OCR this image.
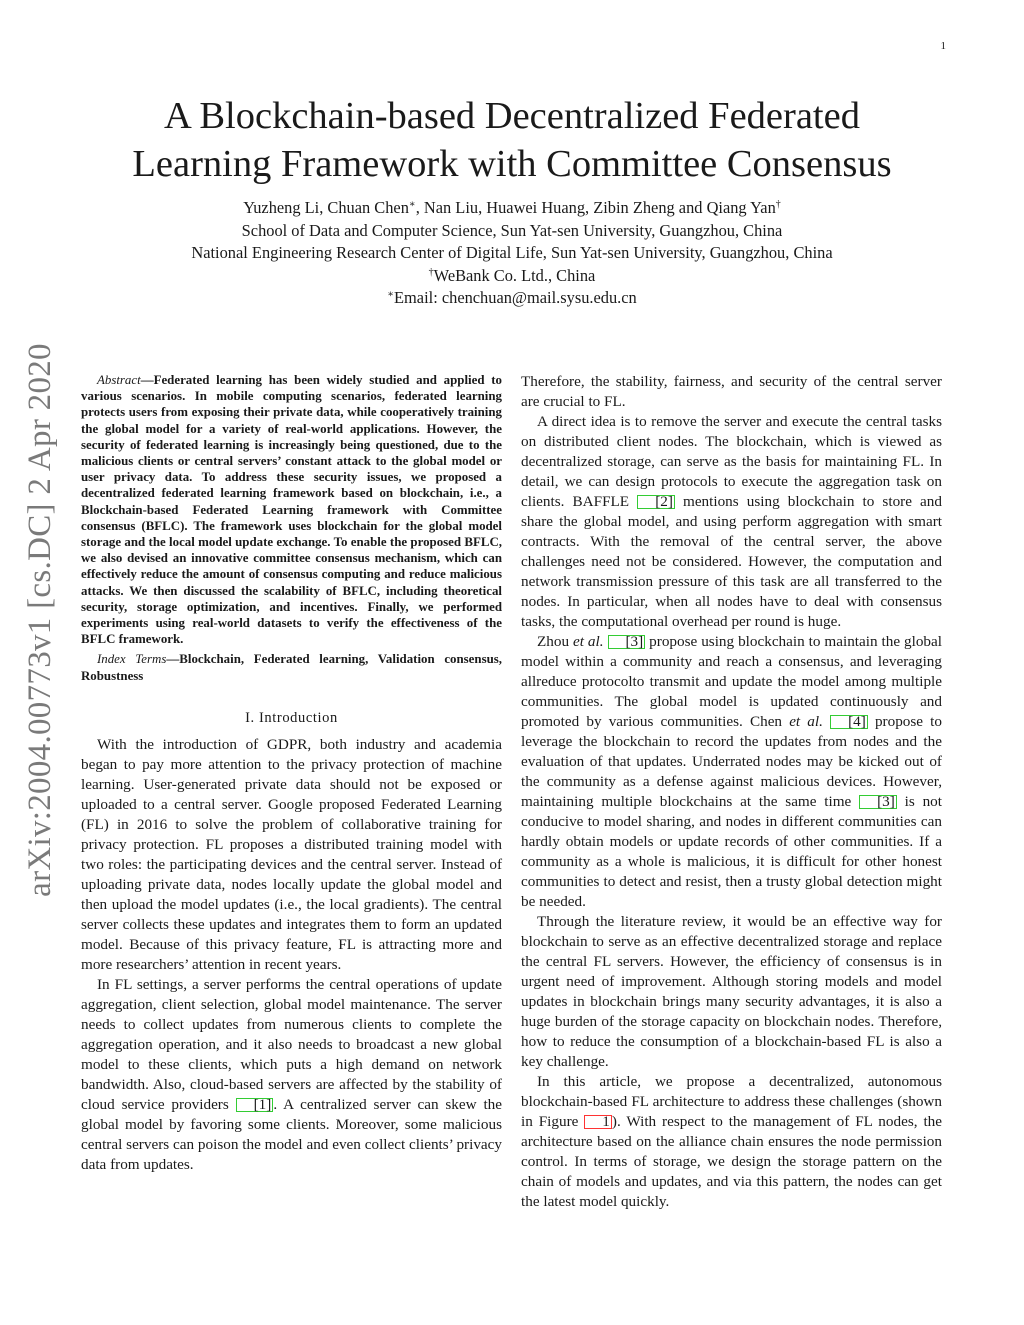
1
arXiv:2004.00773v1 [cs.DC] 2 Apr 2020
A Blockchain-based Decentralized Federated
Learning Framework with Committee Consensus
Yuzheng Li, Chuan Chen∗, Nan Liu, Huawei Huang, Zibin Zheng and Qiang Yan†
School of Data and Computer Science, Sun Yat-sen University, Guangzhou, China
National Engineering Research Center of Digital Life, Sun Yat-sen University, Guangzhou, China
†WeBank Co. Ltd., China
∗Email: chenchuan@mail.sysu.edu.cn

Abstract—Federated learning has been widely studied and applied to various scenarios. In mobile computing scenarios, federated learning protects users from exposing their private data, while cooperatively training the global model for a variety of real-world applications. However, the security of federated learning is increasingly being questioned, due to the malicious clients or central servers’ constant attack to the global model or user privacy data. To address these security issues, we proposed a decentralized federated learning framework based on blockchain, i.e., a Blockchain-based Federated Learning framework with Committee consensus (BFLC). The framework uses blockchain for the global model storage and the local model update exchange. To enable the proposed BFLC, we also devised an innovative committee consensus mechanism, which can effectively reduce the amount of consensus computing and reduce malicious attacks. We then discussed the scalability of BFLC, including theoretical security, storage optimization, and incentives. Finally, we performed experiments using real-world datasets to verify the effectiveness of the BFLC framework.

Index Terms—Blockchain, Federated learning, Validation consensus, Robustness

I. Introduction

With the introduction of GDPR, both industry and academia began to pay more attention to the privacy protection of machine learning. User-generated private data should not be exposed or uploaded to a central server. Google proposed Federated Learning (FL) in 2016 to solve the problem of collaborative training for privacy protection. FL proposes a distributed training model with two roles: the participating devices and the central server. Instead of uploading private data, nodes locally update the global model and then upload the model updates (i.e., the local gradients). The central server collects these updates and integrates them to form an updated model. Because of this privacy feature, FL is attracting more and more researchers’ attention in recent years.

In FL settings, a server performs the central operations of update aggregation, client selection, global model maintenance. The server needs to collect updates from numerous clients to complete the aggregation operation, and it also needs to broadcast a new global model to these clients, which puts a high demand on network bandwidth. Also, cloud-based servers are affected by the stability of cloud service providers [1] . A centralized server can skew the global model by favoring some clients. Moreover, some malicious central servers can poison the model and even collect clients’ privacy data from updates.

Therefore, the stability, fairness, and security of the central server are crucial to FL.

A direct idea is to remove the server and execute the central tasks on distributed client nodes. The blockchain, which is viewed as decentralized storage, can serve as the basis for maintaining FL. In detail, we can design protocols to execute the aggregation task on clients. BAFFLE [2] mentions using blockchain to store and share the global model, and using perform aggregation with smart contracts. With the removal of the central server, the above challenges need not be considered. However, the computation and network transmission pressure of this task are all transferred to the nodes. In particular, when all nodes have to deal with consensus tasks, the computational overhead per round is huge.

Zhou et al. [3] propose using blockchain to maintain the global model within a community and reach a consensus, and leveraging allreduce protocolto transmit and update the model among multiple communities. The global model is updated continuously and promoted by various communities. Chen et al. [4] propose to leverage the blockchain to record the updates from nodes and the evaluation of that updates. Underrated nodes may be kicked out of the community as a defense against malicious devices. However, maintaining multiple blockchains at the same time [3] is not conducive to model sharing, and nodes in different communities can hardly obtain models or update records of other communities. If a community as a whole is malicious, it is difficult for other honest communities to detect and resist, then a trusty global detection might be needed.

Through the literature review, it would be an effective way for blockchain to serve as an effective decentralized storage and replace the central FL servers. However, the efficiency of consensus is in urgent need of improvement. Although storing models and model updates in blockchain brings many security advantages, it is also a huge burden of the storage capacity on blockchain nodes. Therefore, how to reduce the consumption of a blockchain-based FL is also a key challenge.

In this article, we propose a decentralized, autonomous blockchain-based FL architecture to address these challenges (shown in Figure 1 ). With respect to the management of FL nodes, the architecture based on the alliance chain ensures the node permission control. In terms of storage, we design the storage pattern on the chain of models and updates, and via this pattern, the nodes can get the latest model quickly.
